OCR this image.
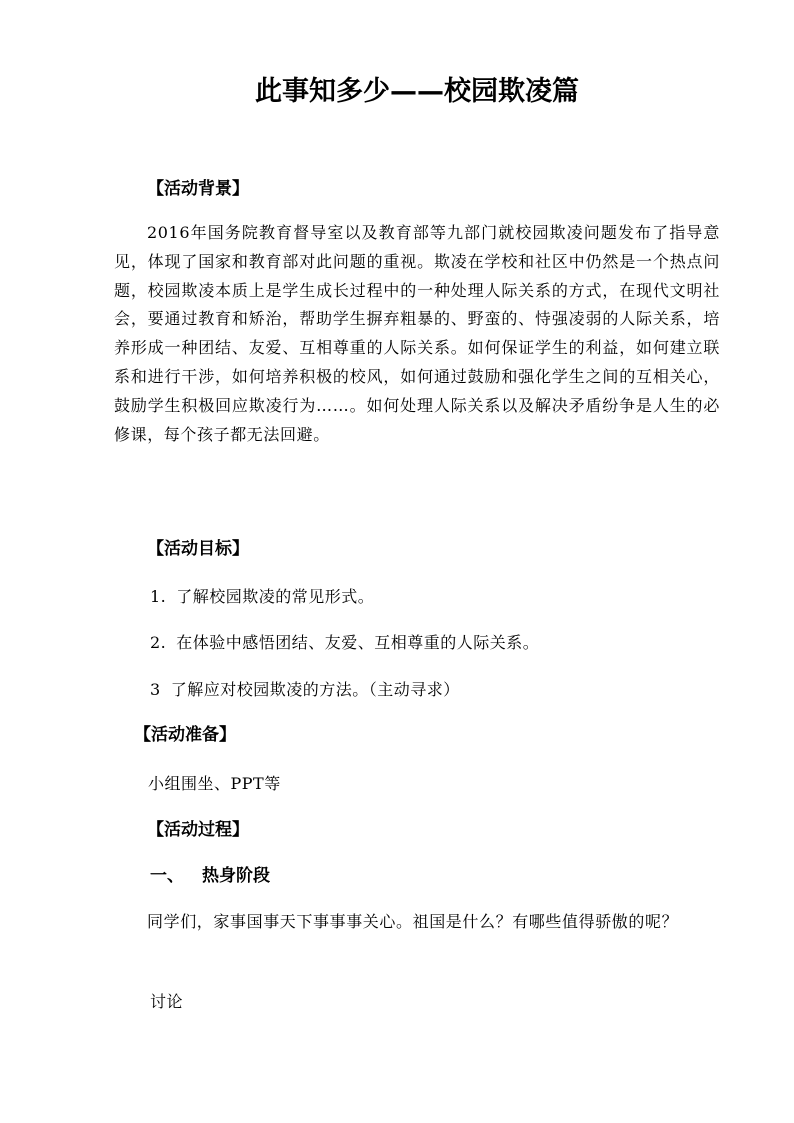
此事知多少——校园欺凌篇
【活动背景】
2016年国务院教育督导室以及教育部等九部门就校园欺凌问题发布了指导意见，体现了国家和教育部对此问题的重视。欺凌在学校和社区中仍然是一个热点问题，校园欺凌本质上是学生成长过程中的一种处理人际关系的方式，在现代文明社会，要通过教育和矫治，帮助学生摒弃粗暴的、野蛮的、恃强凌弱的人际关系，培养形成一种团结、友爱、互相尊重的人际关系。如何保证学生的利益，如何建立联系和进行干涉，如何培养积极的校风，如何通过鼓励和强化学生之间的互相关心，鼓励学生积极回应欺凌行为……。如何处理人际关系以及解决矛盾纷争是人生的必修课，每个孩子都无法回避。
【活动目标】
1. 了解校园欺凌的常见形式。
2. 在体验中感悟团结、友爱、互相尊重的人际关系。
3 了解应对校园欺凌的方法。（主动寻求）
【活动准备】
小组围坐、PPT等
【活动过程】
一、 热身阶段
同学们，家事国事天下事事事关心。祖国是什么？有哪些值得骄傲的呢？
讨论
